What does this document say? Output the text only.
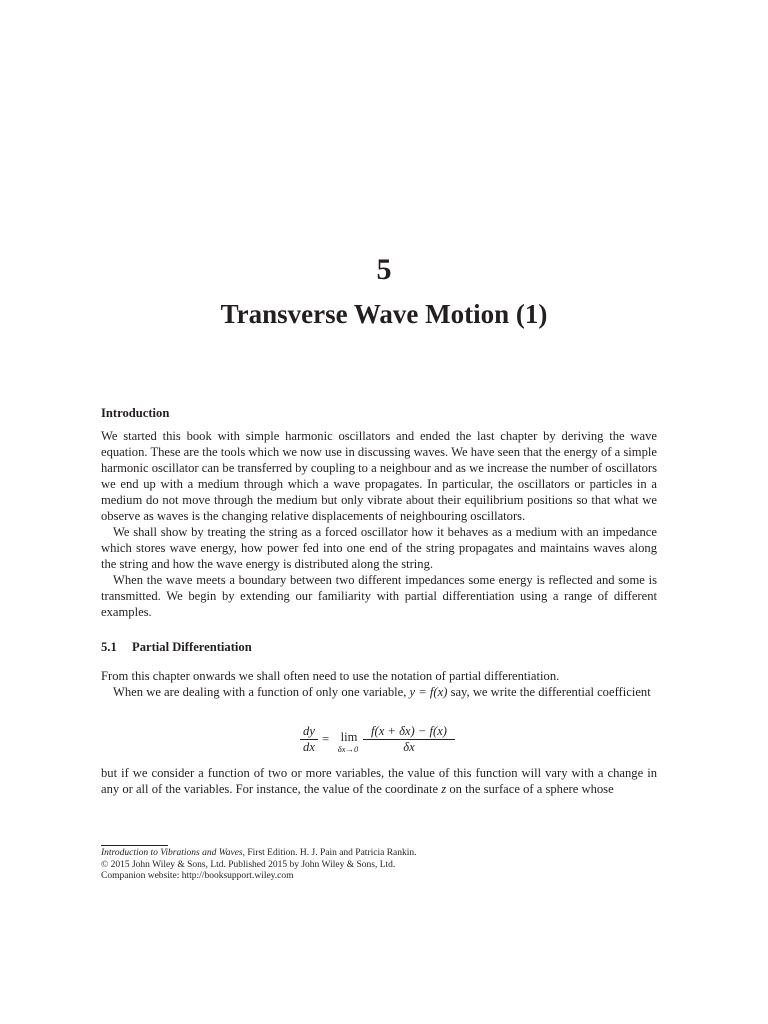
5
Transverse Wave Motion (1)
Introduction

We started this book with simple harmonic oscillators and ended the last chapter by deriving the wave equation. These are the tools which we now use in discussing waves. We have seen that the energy of a simple harmonic oscillator can be transferred by coupling to a neighbour and as we increase the number of oscillators we end up with a medium through which a wave propagates. In particular, the oscillators or particles in a medium do not move through the medium but only vibrate about their equilibrium positions so that what we observe as waves is the changing relative displacements of neighbouring oscillators.

We shall show by treating the string as a forced oscillator how it behaves as a medium with an impedance which stores wave energy, how power fed into one end of the string propagates and maintains waves along the string and how the wave energy is distributed along the string.

When the wave meets a boundary between two different impedances some energy is reflected and some is transmitted. We begin by extending our familiarity with partial differentiation using a range of different examples.

5.1 Partial Differentiation

From this chapter onwards we shall often need to use the notation of partial differentiation.

When we are dealing with a function of only one variable, y = f(x) say, we write the differential coefficient

$\frac{dy}{dx} = \lim$
$\delta x\to 0 \frac{f(x + \delta x) - f(x)}{\delta x}$

but if we consider a function of two or more variables, the value of this function will vary with a change in any or all of the variables. For instance, the value of the coordinate z on the surface of a sphere whose

Introduction to Vibrations and Waves, First Edition. H. J. Pain and Patricia Rankin.
© 2015 John Wiley & Sons, Ltd. Published 2015 by John Wiley & Sons, Ltd.
Companion website: http://booksupport.wiley.com
